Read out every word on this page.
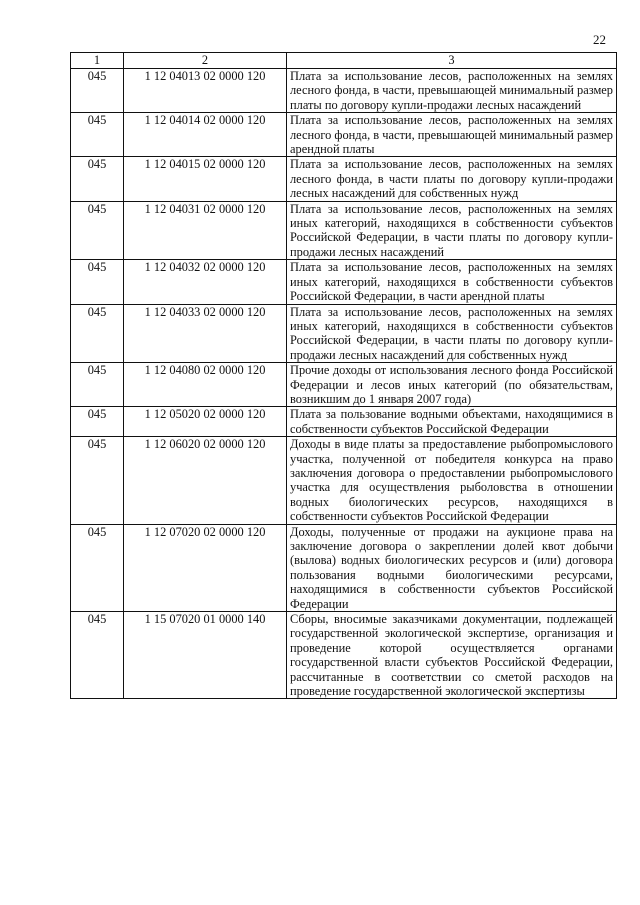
22
1	2	3
045	1 12 04013 02 0000 120	Плата за использование лесов, расположенных на землях лесного фонда, в части, превышающей минимальный размер платы по договору купли-продажи лесных насаждений
045	1 12 04014 02 0000 120	Плата за использование лесов, расположенных на землях лесного фонда, в части, превышающей минимальный размер арендной платы
045	1 12 04015 02 0000 120	Плата за использование лесов, расположенных на землях лесного фонда, в части платы по договору купли-продажи лесных насаждений для собственных нужд
045	1 12 04031 02 0000 120	Плата за использование лесов, расположенных на землях иных категорий, находящихся в собственности субъектов Российской Федерации, в части платы по договору купли-продажи лесных насаждений
045	1 12 04032 02 0000 120	Плата за использование лесов, расположенных на землях иных категорий, находящихся в собственности субъектов Российской Федерации, в части арендной платы
045	1 12 04033 02 0000 120	Плата за использование лесов, расположенных на землях иных категорий, находящихся в собственности субъектов Российской Федерации, в части платы по договору купли-продажи лесных насаждений для собственных нужд
045	1 12 04080 02 0000 120	Прочие доходы от использования лесного фонда Российской Федерации и лесов иных категорий (по обязательствам, возникшим до 1 января 2007 года)
045	1 12 05020 02 0000 120	Плата за пользование водными объектами, находящимися в собственности субъектов Российской Федерации
045	1 12 06020 02 0000 120	Доходы в виде платы за предоставление рыбопромыслового участка, полученной от победителя конкурса на право заключения договора о предоставлении рыбопромыслового участка для осуществления рыболовства в отношении водных биологических ресурсов, находящихся в собственности субъектов Российской Федерации
045	1 12 07020 02 0000 120	Доходы, полученные от продажи на аукционе права на заключение договора о закреплении долей квот добычи (вылова) водных биологических ресурсов и (или) договора пользования водными биологическими ресурсами, находящимися в собственности субъектов Российской Федерации
045	1 15 07020 01 0000 140	Сборы, вносимые заказчиками документации, подлежащей государственной экологической экспертизе, организация и проведение которой осуществляется органами государственной власти субъектов Российской Федерации, рассчитанные в соответствии со сметой расходов на проведение государственной экологической экспертизы
